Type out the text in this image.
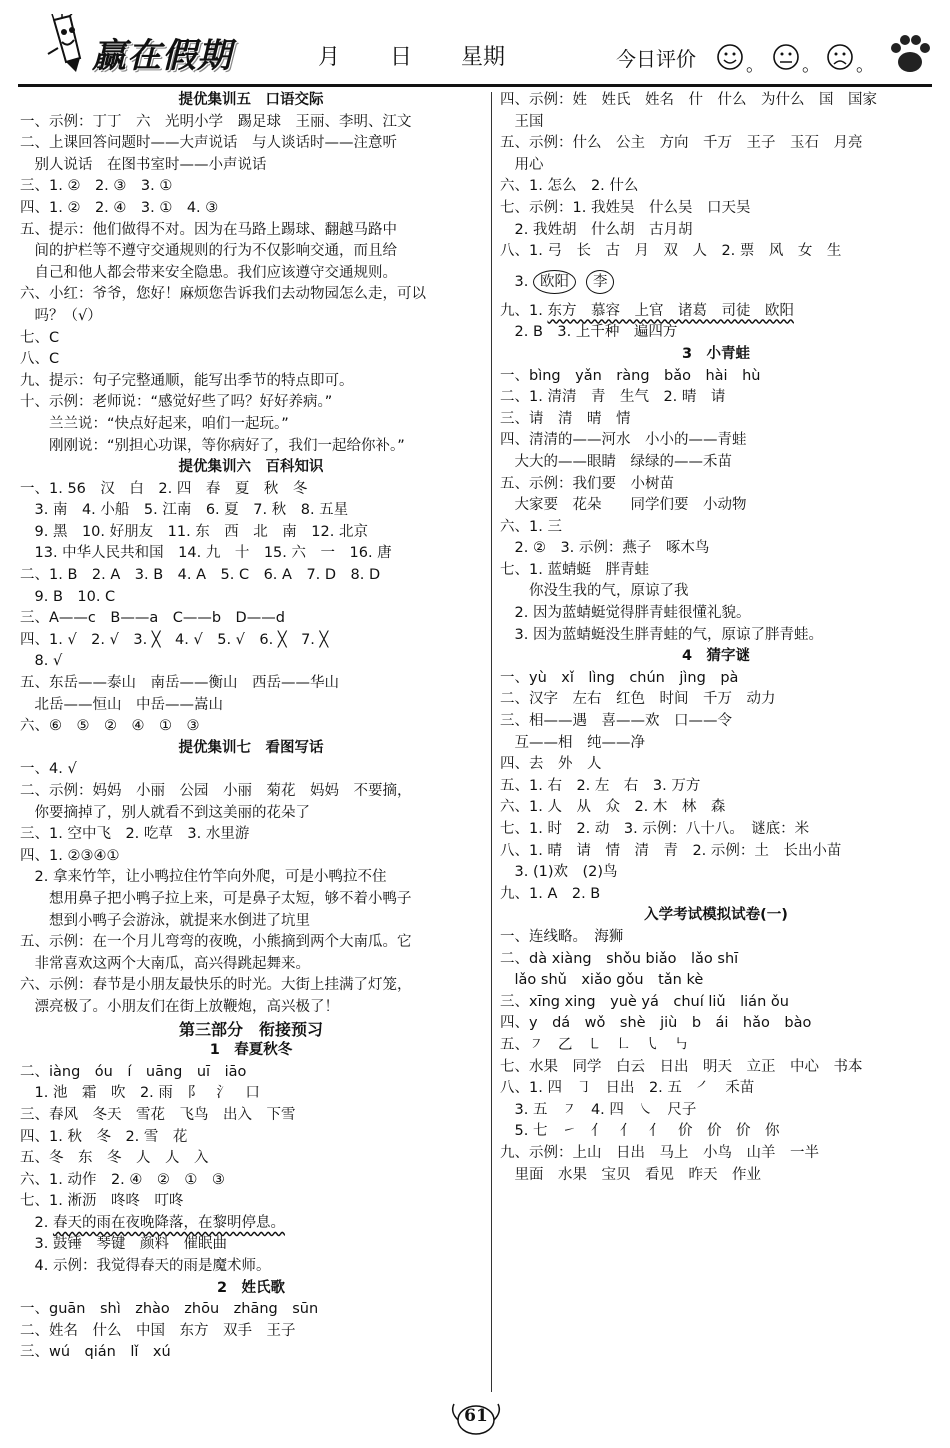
赢在假期	月 日 星期	今日评价	。 。 。
提优集训五　口语交际
一、示例：丁丁　六　光明小学　踢足球　王丽、李明、江文
二、上课回答问题时——大声说话　与人谈话时——注意听
　别人说话　在图书室时——小声说话
三、1. ②　2. ③　3. ①
四、1. ②　2. ④　3. ①　4. ③
五、提示：他们做得不对。因为在马路上踢球、翻越马路中
　间的护栏等不遵守交通规则的行为不仅影响交通，而且给
　自己和他人都会带来安全隐患。我们应该遵守交通规则。
六、小红：爷爷，您好！麻烦您告诉我们去动物园怎么走，可以
　吗？（√）
七、C
八、C
九、提示：句子完整通顺，能写出季节的特点即可。
十、示例：老师说：“感觉好些了吗？好好养病。”
　　兰兰说：“快点好起来，咱们一起玩。”
　　刚刚说：“别担心功课，等你病好了，我们一起给你补。”
提优集训六　百科知识
一、1. 56　汉　白　2. 四　春　夏　秋　冬
　3. 南　4. 小船　5. 江南　6. 夏　7. 秋　8. 五星
　9. 黑　10. 好朋友　11. 东　西　北　南　12. 北京
　13. 中华人民共和国　14. 九　十　15. 六　一　16. 唐
二、1. B　2. A　3. B　4. A　5. C　6. A　7. D　8. D
　9. B　10. C
三、A——c　B——a　C——b　D——d
四、1. √　2. √　3. ╳　4. √　5. √　6. ╳　7. ╳
　8. √
五、东岳——泰山　南岳——衡山　西岳——华山
　北岳——恒山　中岳——嵩山
六、⑥　⑤　②　④　①　③
提优集训七　看图写话
一、4. √
二、示例：妈妈　小丽　公园　小丽　菊花　妈妈　不要摘，
　你要摘掉了，别人就看不到这美丽的花朵了
三、1. 空中飞　2. 吃草　3. 水里游
四、1. ②③④①
　2. 拿来竹竿，让小鸭拉住竹竿向外爬，可是小鸭拉不住
　　想用鼻子把小鸭子拉上来，可是鼻子太短，够不着小鸭子
　　想到小鸭子会游泳，就提来水倒进了坑里
五、示例：在一个月儿弯弯的夜晚，小熊摘到两个大南瓜。它
　非常喜欢这两个大南瓜，高兴得跳起舞来。
六、示例：春节是小朋友最快乐的时光。大街上挂满了灯笼，
　漂亮极了。小朋友们在街上放鞭炮，高兴极了！
第三部分　衔接预习
1　春夏秋冬
二、iàng　óu　í　uāng　uī　iāo
　1. 池　霜　吹　2. 雨　阝　氵　口
三、春风　冬天　雪花　飞鸟　出入　下雪
四、1. 秋　冬　2. 雪　花
五、冬　东　冬　人　人　入
六、1. 动作　2. ④　②　①　③
七、1. 淅沥　咚咚　叮咚
　2. 春天的雨在夜晚降落，在黎明停息。
　3. 鼓锤　琴键　颜料　催眠曲
　4. 示例：我觉得春天的雨是魔术师。
2　姓氏歌
一、guān　shì　zhào　zhōu　zhāng　sūn
二、姓名　什么　中国　东方　双手　王子
三、wú　qián　lǐ　xú
四、示例：姓　姓氏　姓名　什　什么　为什么　国　国家
　王国
五、示例：什么　公主　方向　千万　王子　玉石　月亮
　用心
六、1. 怎么　2. 什么
七、示例：1. 我姓吴　什么吴　口天吴
　2. 我姓胡　什么胡　古月胡
八、1. 弓　长　古　月　双　人　2. 票　风　女　生
　3. 欧阳 李
九、1. 东方　慕容　上官　诸葛　司徒　欧阳
　2. B　3. 上千种　遍四方
3　小青蛙
一、bìng　yǎn　ràng　bǎo　hài　hù
二、1. 清清　青　生气　2. 晴　请
三、请　清　晴　情
四、清清的——河水　小小的——青蛙
　大大的——眼睛　绿绿的——禾苗
五、示例：我们要　小树苗
　大家要　花朵　　同学们要　小动物
六、1. 三
　2. ②　3. 示例：燕子　啄木鸟
七、1. 蓝蜻蜓　胖青蛙
　　你没生我的气，原谅了我
　2. 因为蓝蜻蜓觉得胖青蛙很懂礼貌。
　3. 因为蓝蜻蜓没生胖青蛙的气，原谅了胖青蛙。
4　猜字谜
一、yù　xǐ　lìng　chún　jìng　pà
二、汉字　左右　红色　时间　千万　动力
三、相——遇　喜——欢　口——令
　互——相　纯——净
四、去　外　人
五、1. 右　2. 左　右　3. 万方
六、1. 人　从　众　2. 木　林　森
七、1. 时　2. 动　3. 示例：八十八。　谜底：米
八、1. 晴　请　情　清　青　2. 示例：土　长出小苗
　3. (1)欢　(2)鸟
九、1. A　2. B
入学考试模拟试卷(一)
一、连线略。　海狮
二、dà xiàng　shǒu biǎo　lǎo shī
　lǎo shǔ　xiǎo gǒu　tǎn kè
三、xīng xing　yuè yá　chuí liǔ　lián ǒu
四、y　dá　wǒ　shè　jiù　b　ái　hǎo　bào
五、㇇　乙　㇄　㇗　㇂　㇉
七、水果　同学　白云　日出　明天　立正　中心　书本
八、1. 四　㇆　日出　2. 五　㇒　禾苗
　3. 五　㇇　4. 四　㇏　尺子
　5. 七　㇀　亻　亻　亻　价　价　价　你
九、示例：上山　日出　马上　小鸟　山羊　一半
　里面　水果　宝贝　看见　昨天　作业
61
